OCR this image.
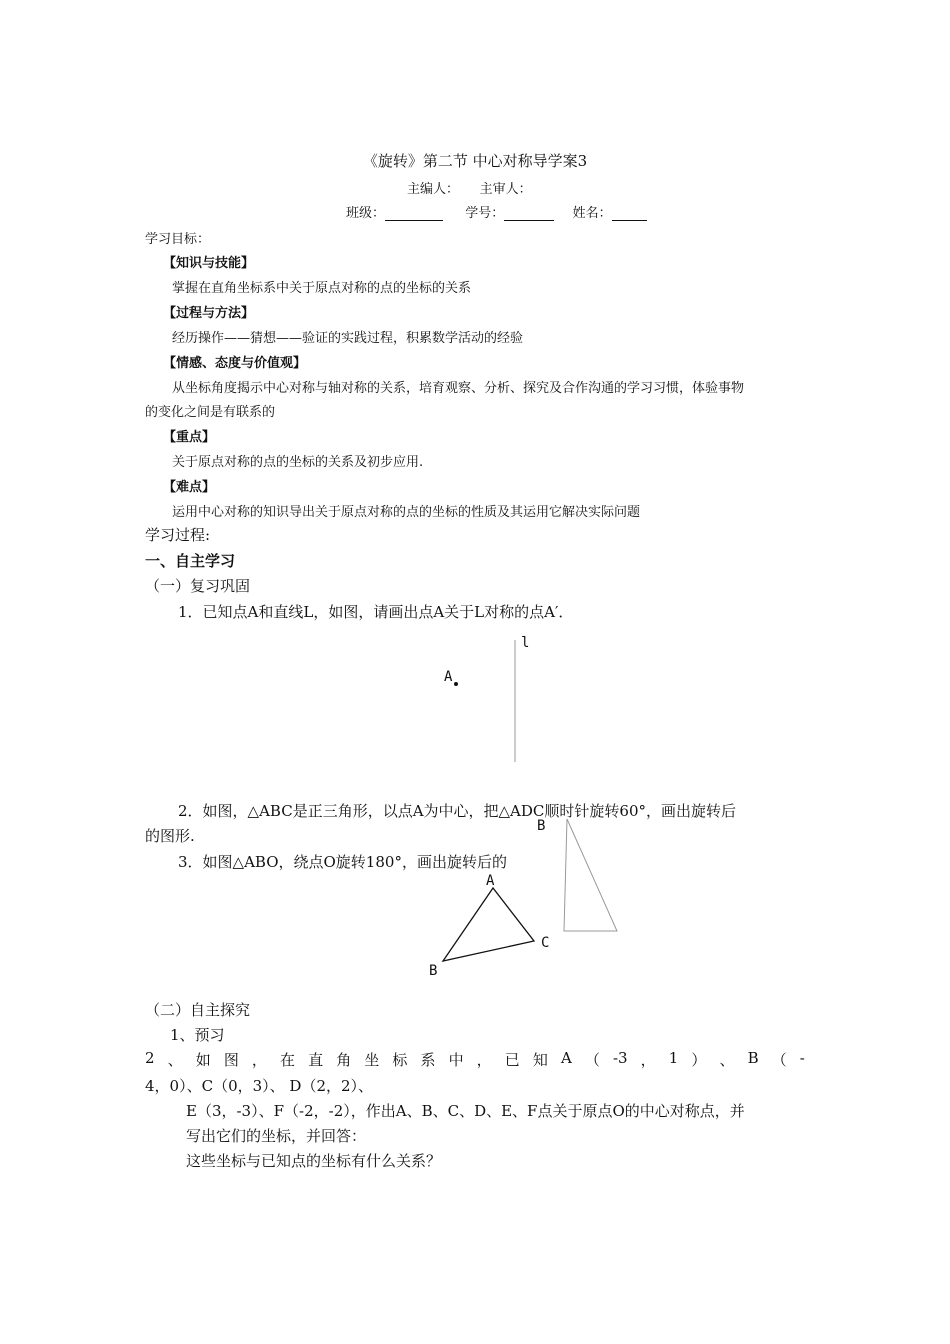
《旋转》第二节 中心对称导学案3
主编人：     主审人：
班级：	学号：	姓名：
学习目标：
【知识与技能】
掌握在直角坐标系中关于原点对称的点的坐标的关系
【过程与方法】
经历操作——猜想——验证的实践过程，积累数学活动的经验
【情感、态度与价值观】
从坐标角度揭示中心对称与轴对称的关系，培育观察、分析、探究及合作沟通的学习习惯，体验事物
的变化之间是有联系的
【重点】
关于原点对称的点的坐标的关系及初步应用.
【难点】
运用中心对称的知识导出关于原点对称的点的坐标的性质及其运用它解决实际问题
学习过程:
一、自主学习
（一）复习巩固
1．已知点A和直线L，如图，请画出点A关于L对称的点A′．
l
A
2．如图，△ABC是正三角形，以点A为中心，把△ADC顺时针旋转60°，画出旋转后
的图形.
3．如图△ABO，绕点O旋转180°，画出旋转后的
B
A
C
B
（二）自主探究
1、预习
2 、 如 图 ， 在 直 角 坐 标 系 中 ， 已 知 A （ -3 ， 1 ） 、 B （ -
4，0）、C（0，3）、 D（2，2）、
E（3，-3）、F（-2，-2），作出A、B、C、D、E、F点关于原点O的中心对称点，并
写出它们的坐标，并回答：
这些坐标与已知点的坐标有什么关系？
